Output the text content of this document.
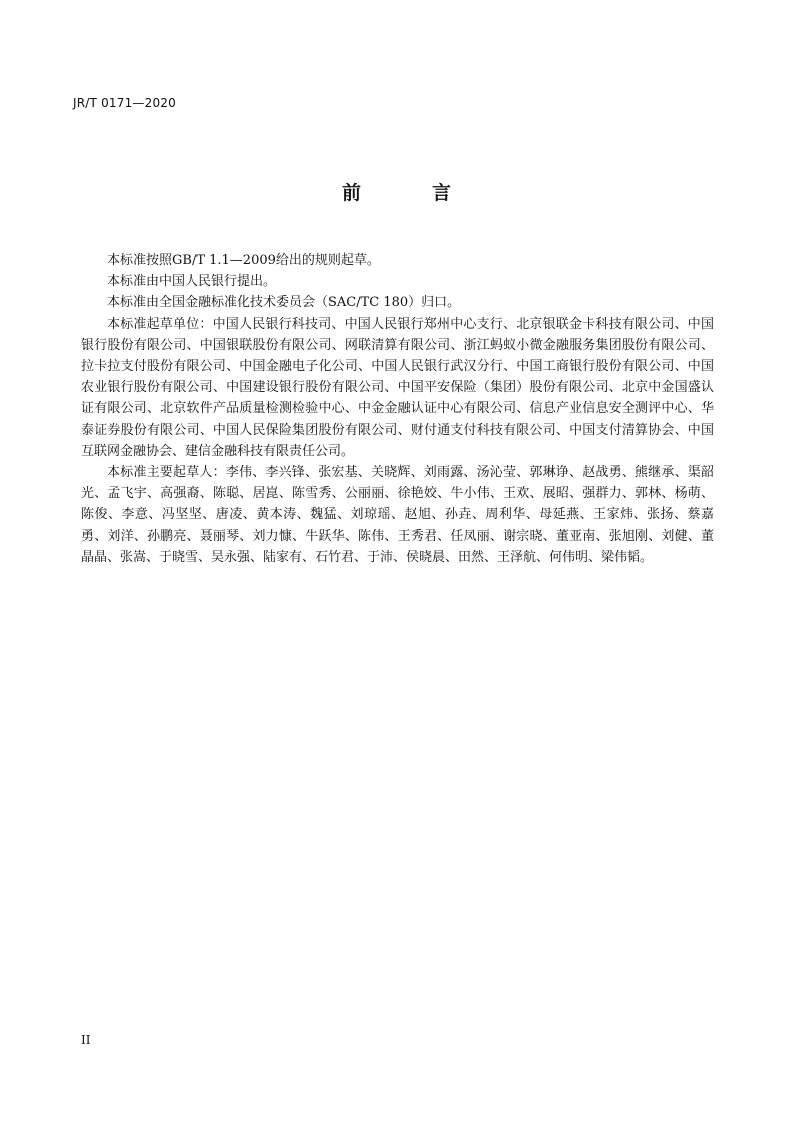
JR/T 0171—2020

前　言

本标准按照GB/T 1.1—2009给出的规则起草。

本标准由中国人民银行提出。

本标准由全国金融标准化技术委员会（SAC/TC 180）归口。

本标准起草单位：中国人民银行科技司、中国人民银行郑州中心支行、北京银联金卡科技有限公司、中国银行股份有限公司、中国银联股份有限公司、网联清算有限公司、浙江蚂蚁小微金融服务集团股份有限公司、拉卡拉支付股份有限公司、中国金融电子化公司、中国人民银行武汉分行、中国工商银行股份有限公司、中国农业银行股份有限公司、中国建设银行股份有限公司、中国平安保险（集团）股份有限公司、北京中金国盛认证有限公司、北京软件产品质量检测检验中心、中金金融认证中心有限公司、信息产业信息安全测评中心、华泰证券股份有限公司、中国人民保险集团股份有限公司、财付通支付科技有限公司、中国支付清算协会、中国互联网金融协会、建信金融科技有限责任公司。

本标准主要起草人：李伟、李兴锋、张宏基、关晓辉、刘雨露、汤沁莹、郭琳诤、赵战勇、熊继承、渠韶光、孟飞宇、高强裔、陈聪、居崑、陈雪秀、公丽丽、徐艳姣、牛小伟、王欢、展昭、强群力、郭林、杨萌、陈俊、李意、冯坚坚、唐凌、黄本涛、魏猛、刘琼瑶、赵旭、孙垚、周利华、母延燕、王家炜、张扬、蔡嘉勇、刘洋、孙鹏亮、聂丽琴、刘力慷、牛跃华、陈伟、王秀君、任凤丽、谢宗晓、董亚南、张旭刚、刘健、董晶晶、张嵩、于晓雪、吴永强、陆家有、石竹君、于沛、侯晓晨、田然、王泽航、何伟明、梁伟韬。

II
